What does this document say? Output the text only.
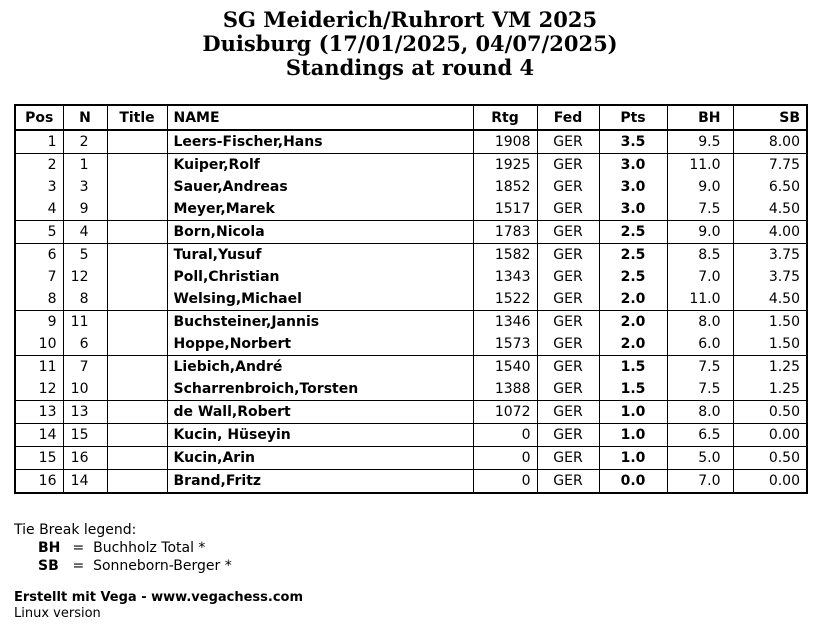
SG Meiderich/Ruhrort VM 2025
Duisburg (17/01/2025, 04/07/2025)
Standings at round 4
Pos	N	Title	NAME	Rtg	Fed	Pts	BH	SB
1	2		Leers-Fischer,Hans	1908	GER	3.5	9.5	8.00
2	1		Kuiper,Rolf	1925	GER	3.0	11.0	7.75
3	3		Sauer,Andreas	1852	GER	3.0	9.0	6.50
4	9		Meyer,Marek	1517	GER	3.0	7.5	4.50
5	4		Born,Nicola	1783	GER	2.5	9.0	4.00
6	5		Tural,Yusuf	1582	GER	2.5	8.5	3.75
7	12		Poll,Christian	1343	GER	2.5	7.0	3.75
8	8		Welsing,Michael	1522	GER	2.0	11.0	4.50
9	11		Buchsteiner,Jannis	1346	GER	2.0	8.0	1.50
10	6		Hoppe,Norbert	1573	GER	2.0	6.0	1.50
11	7		Liebich,André	1540	GER	1.5	7.5	1.25
12	10		Scharrenbroich,Torsten	1388	GER	1.5	7.5	1.25
13	13		de Wall,Robert	1072	GER	1.0	8.0	0.50
14	15		Kucin, Hüseyin	0	GER	1.0	6.5	0.00
15	16		Kucin,Arin	0	GER	1.0	5.0	0.50
16	14		Brand,Fritz	0	GER	0.0	7.0	0.00
Tie Break legend:
BH = Buchholz Total *
SB = Sonneborn-Berger *
Erstellt mit Vega - www.vegachess.com
Linux version
